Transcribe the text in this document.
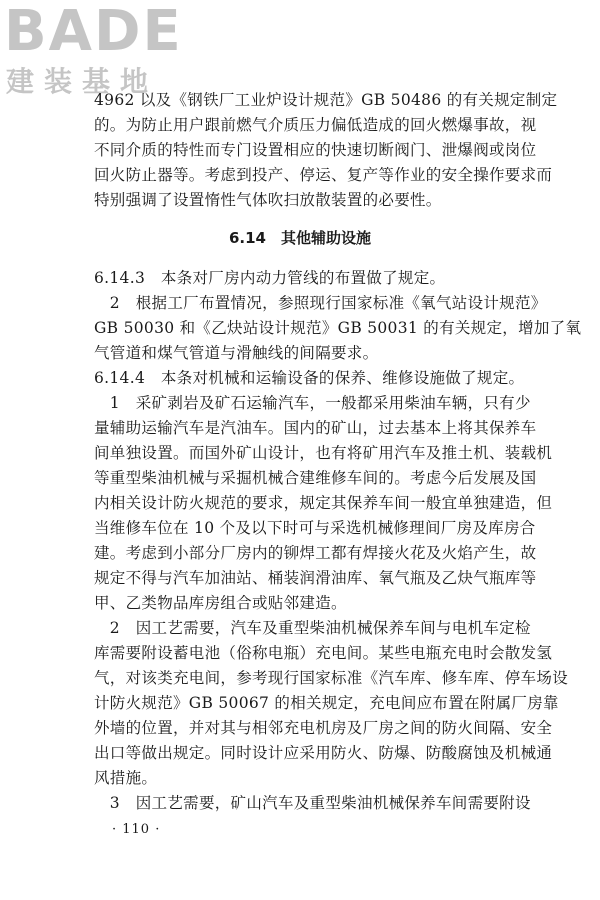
BADE
建装基地
4962 以及《钢铁厂工业炉设计规范》GB 50486 的有关规定制定
的。为防止用户跟前燃气介质压力偏低造成的回火燃爆事故，视
不同介质的特性而专门设置相应的快速切断阀门、泄爆阀或岗位
回火防止器等。考虑到投产、停运、复产等作业的安全操作要求而
特别强调了设置惰性气体吹扫放散装置的必要性。
6.14　其他辅助设施
6.14.3　本条对厂房内动力管线的布置做了规定。
　2　根据工厂布置情况，参照现行国家标准《氧气站设计规范》
GB 50030 和《乙炔站设计规范》GB 50031 的有关规定，增加了氧
气管道和煤气管道与滑触线的间隔要求。
6.14.4　本条对机械和运输设备的保养、维修设施做了规定。
　1　采矿剥岩及矿石运输汽车，一般都采用柴油车辆，只有少
量辅助运输汽车是汽油车。国内的矿山，过去基本上将其保养车
间单独设置。而国外矿山设计，也有将矿用汽车及推土机、装载机
等重型柴油机械与采掘机械合建维修车间的。考虑今后发展及国
内相关设计防火规范的要求，规定其保养车间一般宜单独建造，但
当维修车位在 10 个及以下时可与采选机械修理间厂房及库房合
建。考虑到小部分厂房内的铆焊工都有焊接火花及火焰产生，故
规定不得与汽车加油站、桶装润滑油库、氧气瓶及乙炔气瓶库等
甲、乙类物品库房组合或贴邻建造。
　2　因工艺需要，汽车及重型柴油机械保养车间与电机车定检
库需要附设蓄电池（俗称电瓶）充电间。某些电瓶充电时会散发氢
气，对该类充电间，参考现行国家标准《汽车库、修车库、停车场设
计防火规范》GB 50067 的相关规定，充电间应布置在附属厂房靠
外墙的位置，并对其与相邻充电机房及厂房之间的防火间隔、安全
出口等做出规定。同时设计应采用防火、防爆、防酸腐蚀及机械通
风措施。
　3　因工艺需要，矿山汽车及重型柴油机械保养车间需要附设
· 110 ·
